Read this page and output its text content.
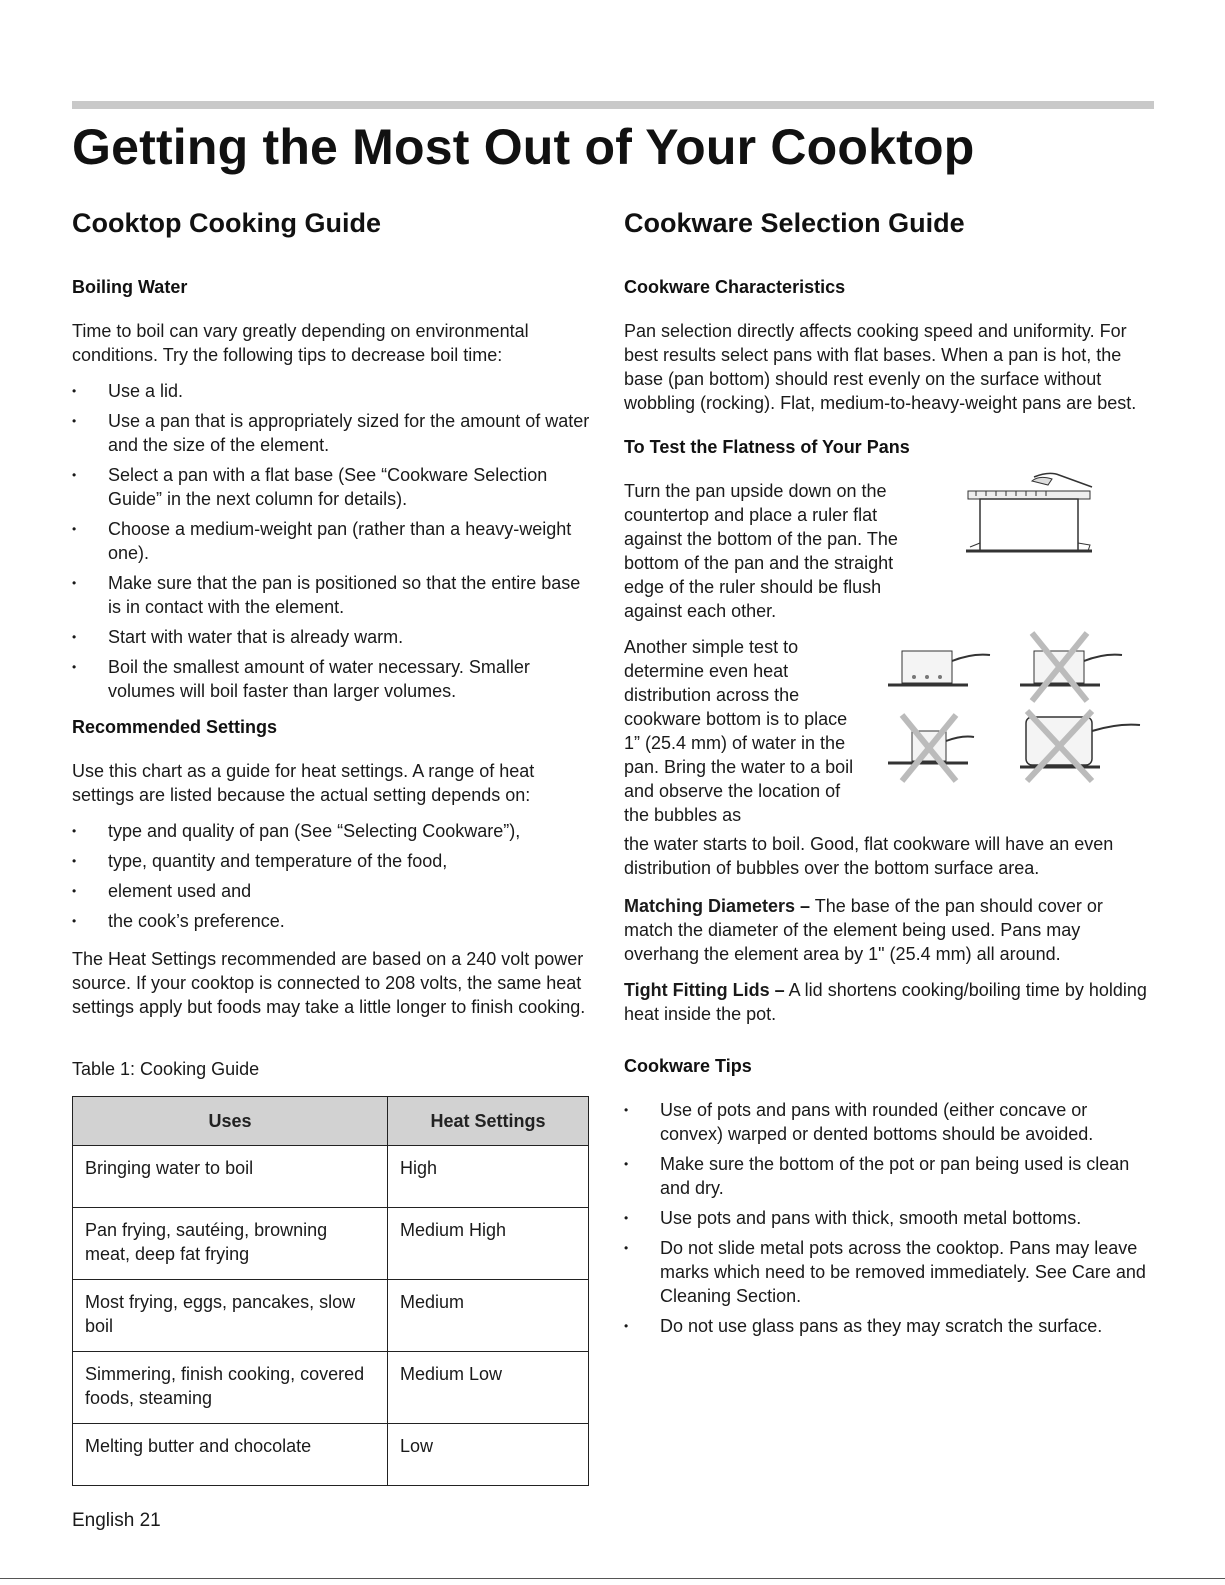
Getting the Most Out of Your Cooktop
Cooktop Cooking Guide
Boiling Water

Time to boil can vary greatly depending on environmental conditions. Try the following tips to decrease boil time:

• Use a lid.
• Use a pan that is appropriately sized for the amount of water and the size of the element.
• Select a pan with a flat base (See “Cookware Selection Guide” in the next column for details).
• Choose a medium-weight pan (rather than a heavy-weight one).
• Make sure that the pan is positioned so that the entire base is in contact with the element.
• Start with water that is already warm.
• Boil the smallest amount of water necessary. Smaller volumes will boil faster than larger volumes.
Recommended Settings

Use this chart as a guide for heat settings. A range of heat settings are listed because the actual setting depends on:

• type and quality of pan (See “Selecting Cookware”),
• type, quantity and temperature of the food,
• element used and
• the cook’s preference.

The Heat Settings recommended are based on a 240 volt power source. If your cooktop is connected to 208 volts, the same heat settings apply but foods may take a little longer to finish cooking.

Table 1: Cooking Guide
Uses	Heat Settings
Bringing water to boil	High
Pan frying, sautéing, browning meat, deep fat frying	Medium High
Most frying, eggs, pancakes, slow boil	Medium
Simmering, finish cooking, covered foods, steaming	Medium Low
Melting butter and chocolate	Low
Cookware Selection Guide
Cookware Characteristics

Pan selection directly affects cooking speed and uniformity. For best results select pans with flat bases. When a pan is hot, the base (pan bottom) should rest evenly on the surface without wobbling (rocking). Flat, medium-to-heavy-weight pans are best.

To Test the Flatness of Your Pans

Turn the pan upside down on the countertop and place a ruler flat against the bottom of the pan. The bottom of the pan and the straight edge of the ruler should be flush against each other.

Another simple test to determine even heat distribution across the cookware bottom is to place 1” (25.4 mm) of water in the pan. Bring the water to a boil and observe the location of the bubbles as

the water starts to boil. Good, flat cookware will have an even distribution of bubbles over the bottom surface area.

Matching Diameters – The base of the pan should cover or match the diameter of the element being used. Pans may overhang the element area by 1" (25.4 mm) all around.

Tight Fitting Lids – A lid shortens cooking/boiling time by holding heat inside the pot.

Cookware Tips
• Use of pots and pans with rounded (either concave or convex) warped or dented bottoms should be avoided.
• Make sure the bottom of the pot or pan being used is clean and dry.
• Use pots and pans with thick, smooth metal bottoms.
• Do not slide metal pots across the cooktop. Pans may leave marks which need to be removed immediately. See Care and Cleaning Section.
• Do not use glass pans as they may scratch the surface.
English 21
